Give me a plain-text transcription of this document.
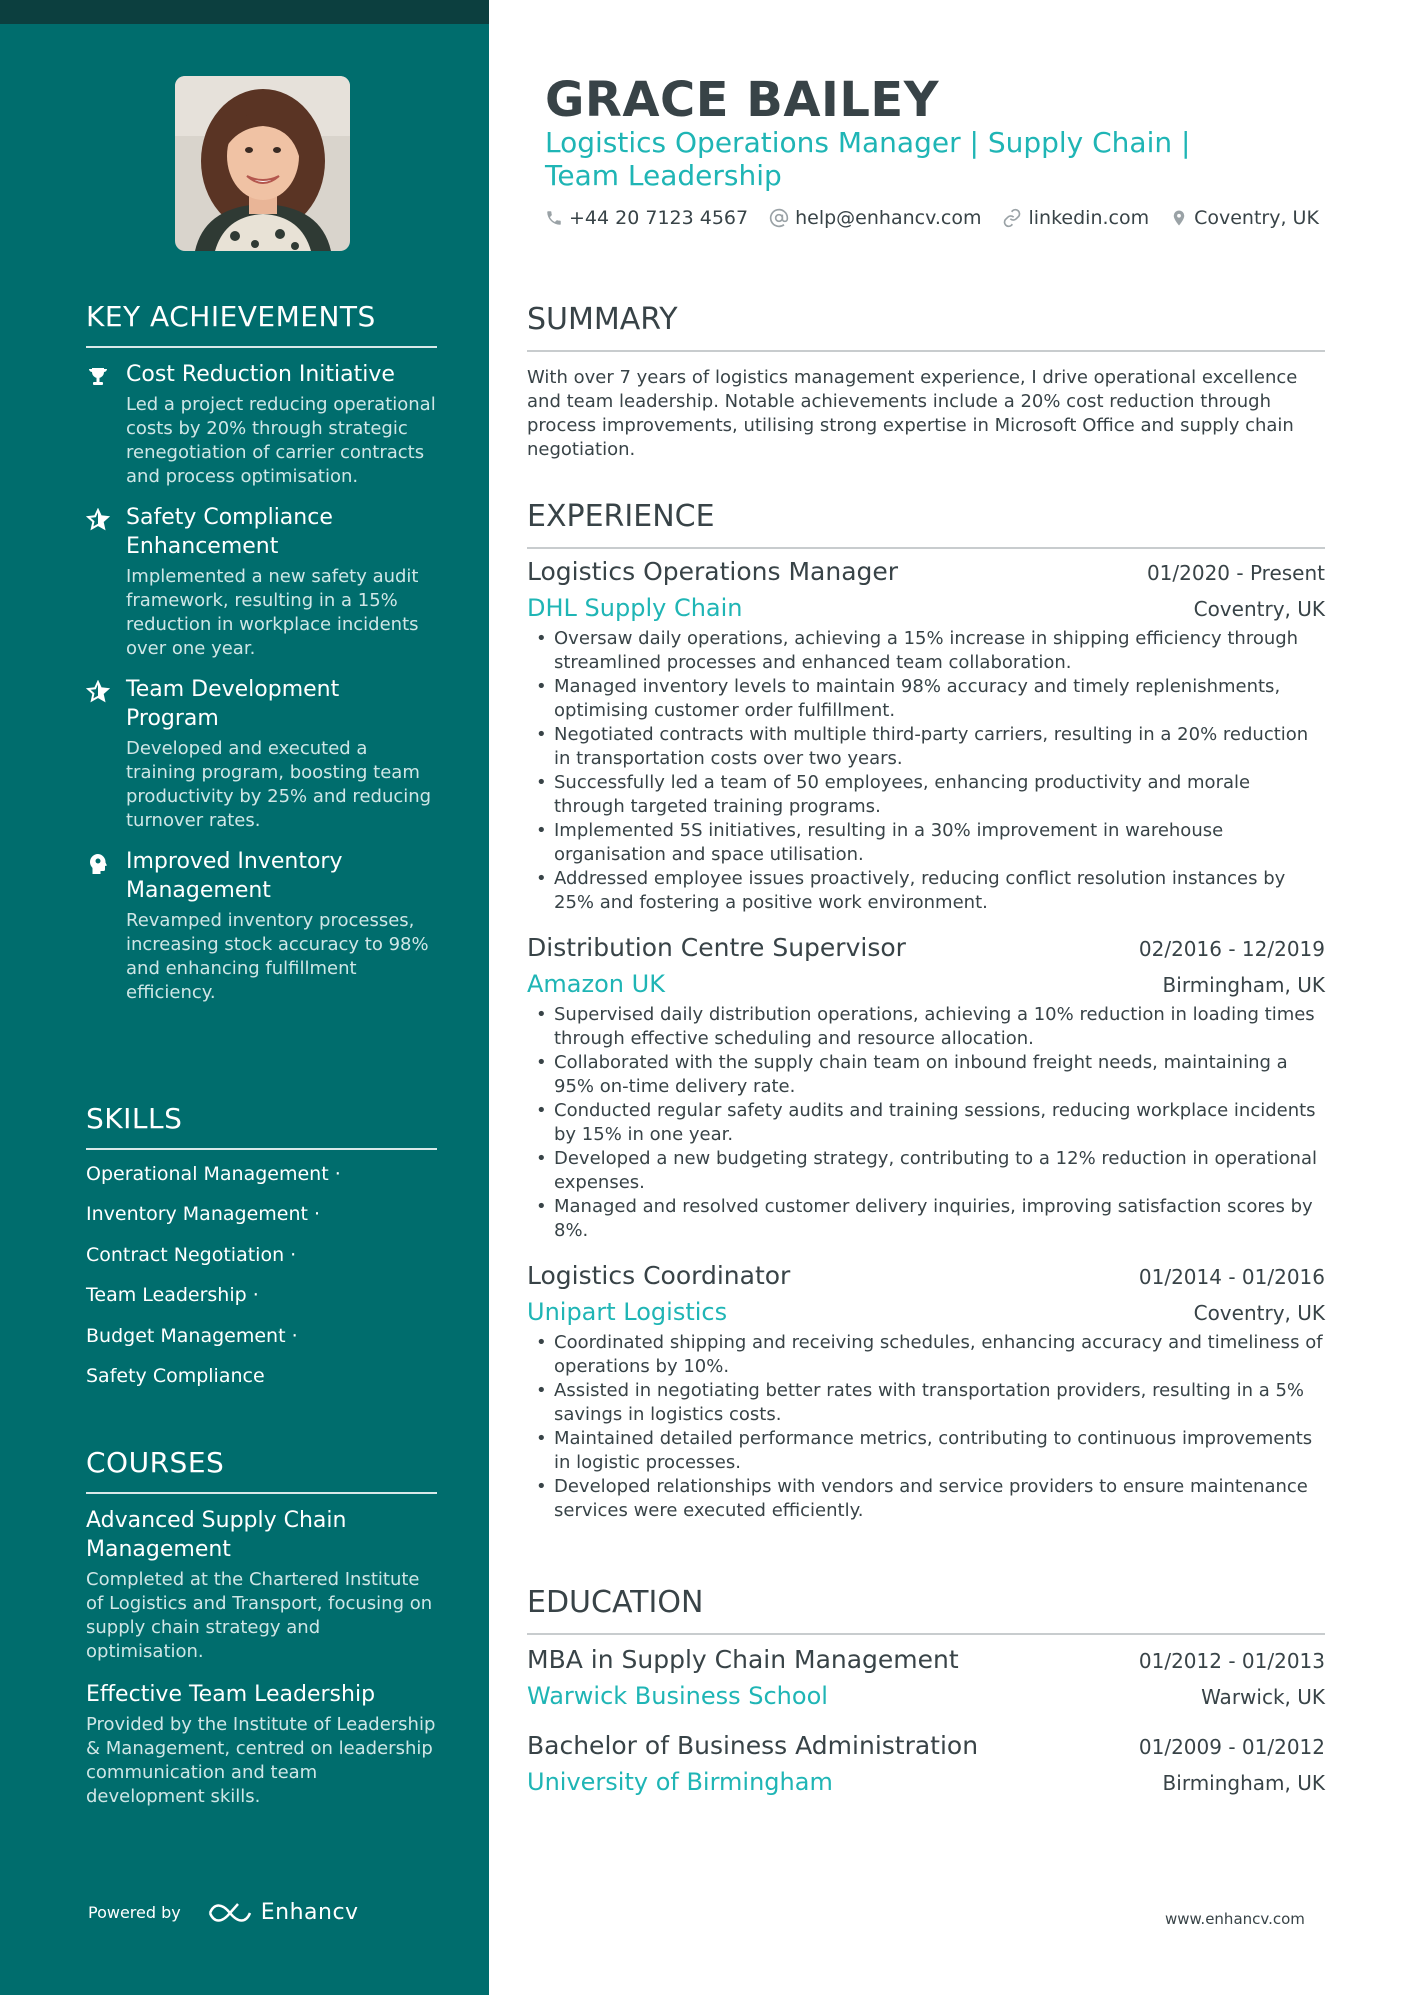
KEY ACHIEVEMENTS
Cost Reduction Initiative
Led a project reducing operational costs by 20% through strategic renegotiation of carrier contracts and process optimisation.
Safety Compliance Enhancement
Implemented a new safety audit framework, resulting in a 15% reduction in workplace incidents over one year.
Team Development Program
Developed and executed a training program, boosting team productivity by 25% and reducing turnover rates.
Improved Inventory Management
Revamped inventory processes, increasing stock accuracy to 98% and enhancing fulfillment efficiency.
SKILLS
Operational Management ·
Inventory Management ·
Contract Negotiation ·
Team Leadership ·
Budget Management ·
Safety Compliance
COURSES
Advanced Supply Chain Management
Completed at the Chartered Institute of Logistics and Transport, focusing on supply chain strategy and optimisation.
Effective Team Leadership
Provided by the Institute of Leadership & Management, centred on leadership communication and team development skills.
Powered by	Enhancv
GRACE BAILEY
Logistics Operations Manager | Supply Chain | Team Leadership
+44 20 7123 4567 help@enhancv.com linkedin.com Coventry, UK
SUMMARY
With over 7 years of logistics management experience, I drive operational excellence and team leadership. Notable achievements include a 20% cost reduction through process improvements, utilising strong expertise in Microsoft Office and supply chain negotiation.
EXPERIENCE
Logistics Operations Manager	01/2020 - Present
DHL Supply Chain	Coventry, UK
• Oversaw daily operations, achieving a 15% increase in shipping efficiency through streamlined processes and enhanced team collaboration.
• Managed inventory levels to maintain 98% accuracy and timely replenishments, optimising customer order fulfillment.
• Negotiated contracts with multiple third-party carriers, resulting in a 20% reduction in transportation costs over two years.
• Successfully led a team of 50 employees, enhancing productivity and morale through targeted training programs.
• Implemented 5S initiatives, resulting in a 30% improvement in warehouse organisation and space utilisation.
• Addressed employee issues proactively, reducing conflict resolution instances by 25% and fostering a positive work environment.
Distribution Centre Supervisor	02/2016 - 12/2019
Amazon UK	Birmingham, UK
• Supervised daily distribution operations, achieving a 10% reduction in loading times through effective scheduling and resource allocation.
• Collaborated with the supply chain team on inbound freight needs, maintaining a 95% on-time delivery rate.
• Conducted regular safety audits and training sessions, reducing workplace incidents by 15% in one year.
• Developed a new budgeting strategy, contributing to a 12% reduction in operational expenses.
• Managed and resolved customer delivery inquiries, improving satisfaction scores by 8%.
Logistics Coordinator	01/2014 - 01/2016
Unipart Logistics	Coventry, UK
• Coordinated shipping and receiving schedules, enhancing accuracy and timeliness of operations by 10%.
• Assisted in negotiating better rates with transportation providers, resulting in a 5% savings in logistics costs.
• Maintained detailed performance metrics, contributing to continuous improvements in logistic processes.
• Developed relationships with vendors and service providers to ensure maintenance services were executed efficiently.
EDUCATION
MBA in Supply Chain Management	01/2012 - 01/2013
Warwick Business School	Warwick, UK
Bachelor of Business Administration	01/2009 - 01/2012
University of Birmingham	Birmingham, UK
www.enhancv.com
